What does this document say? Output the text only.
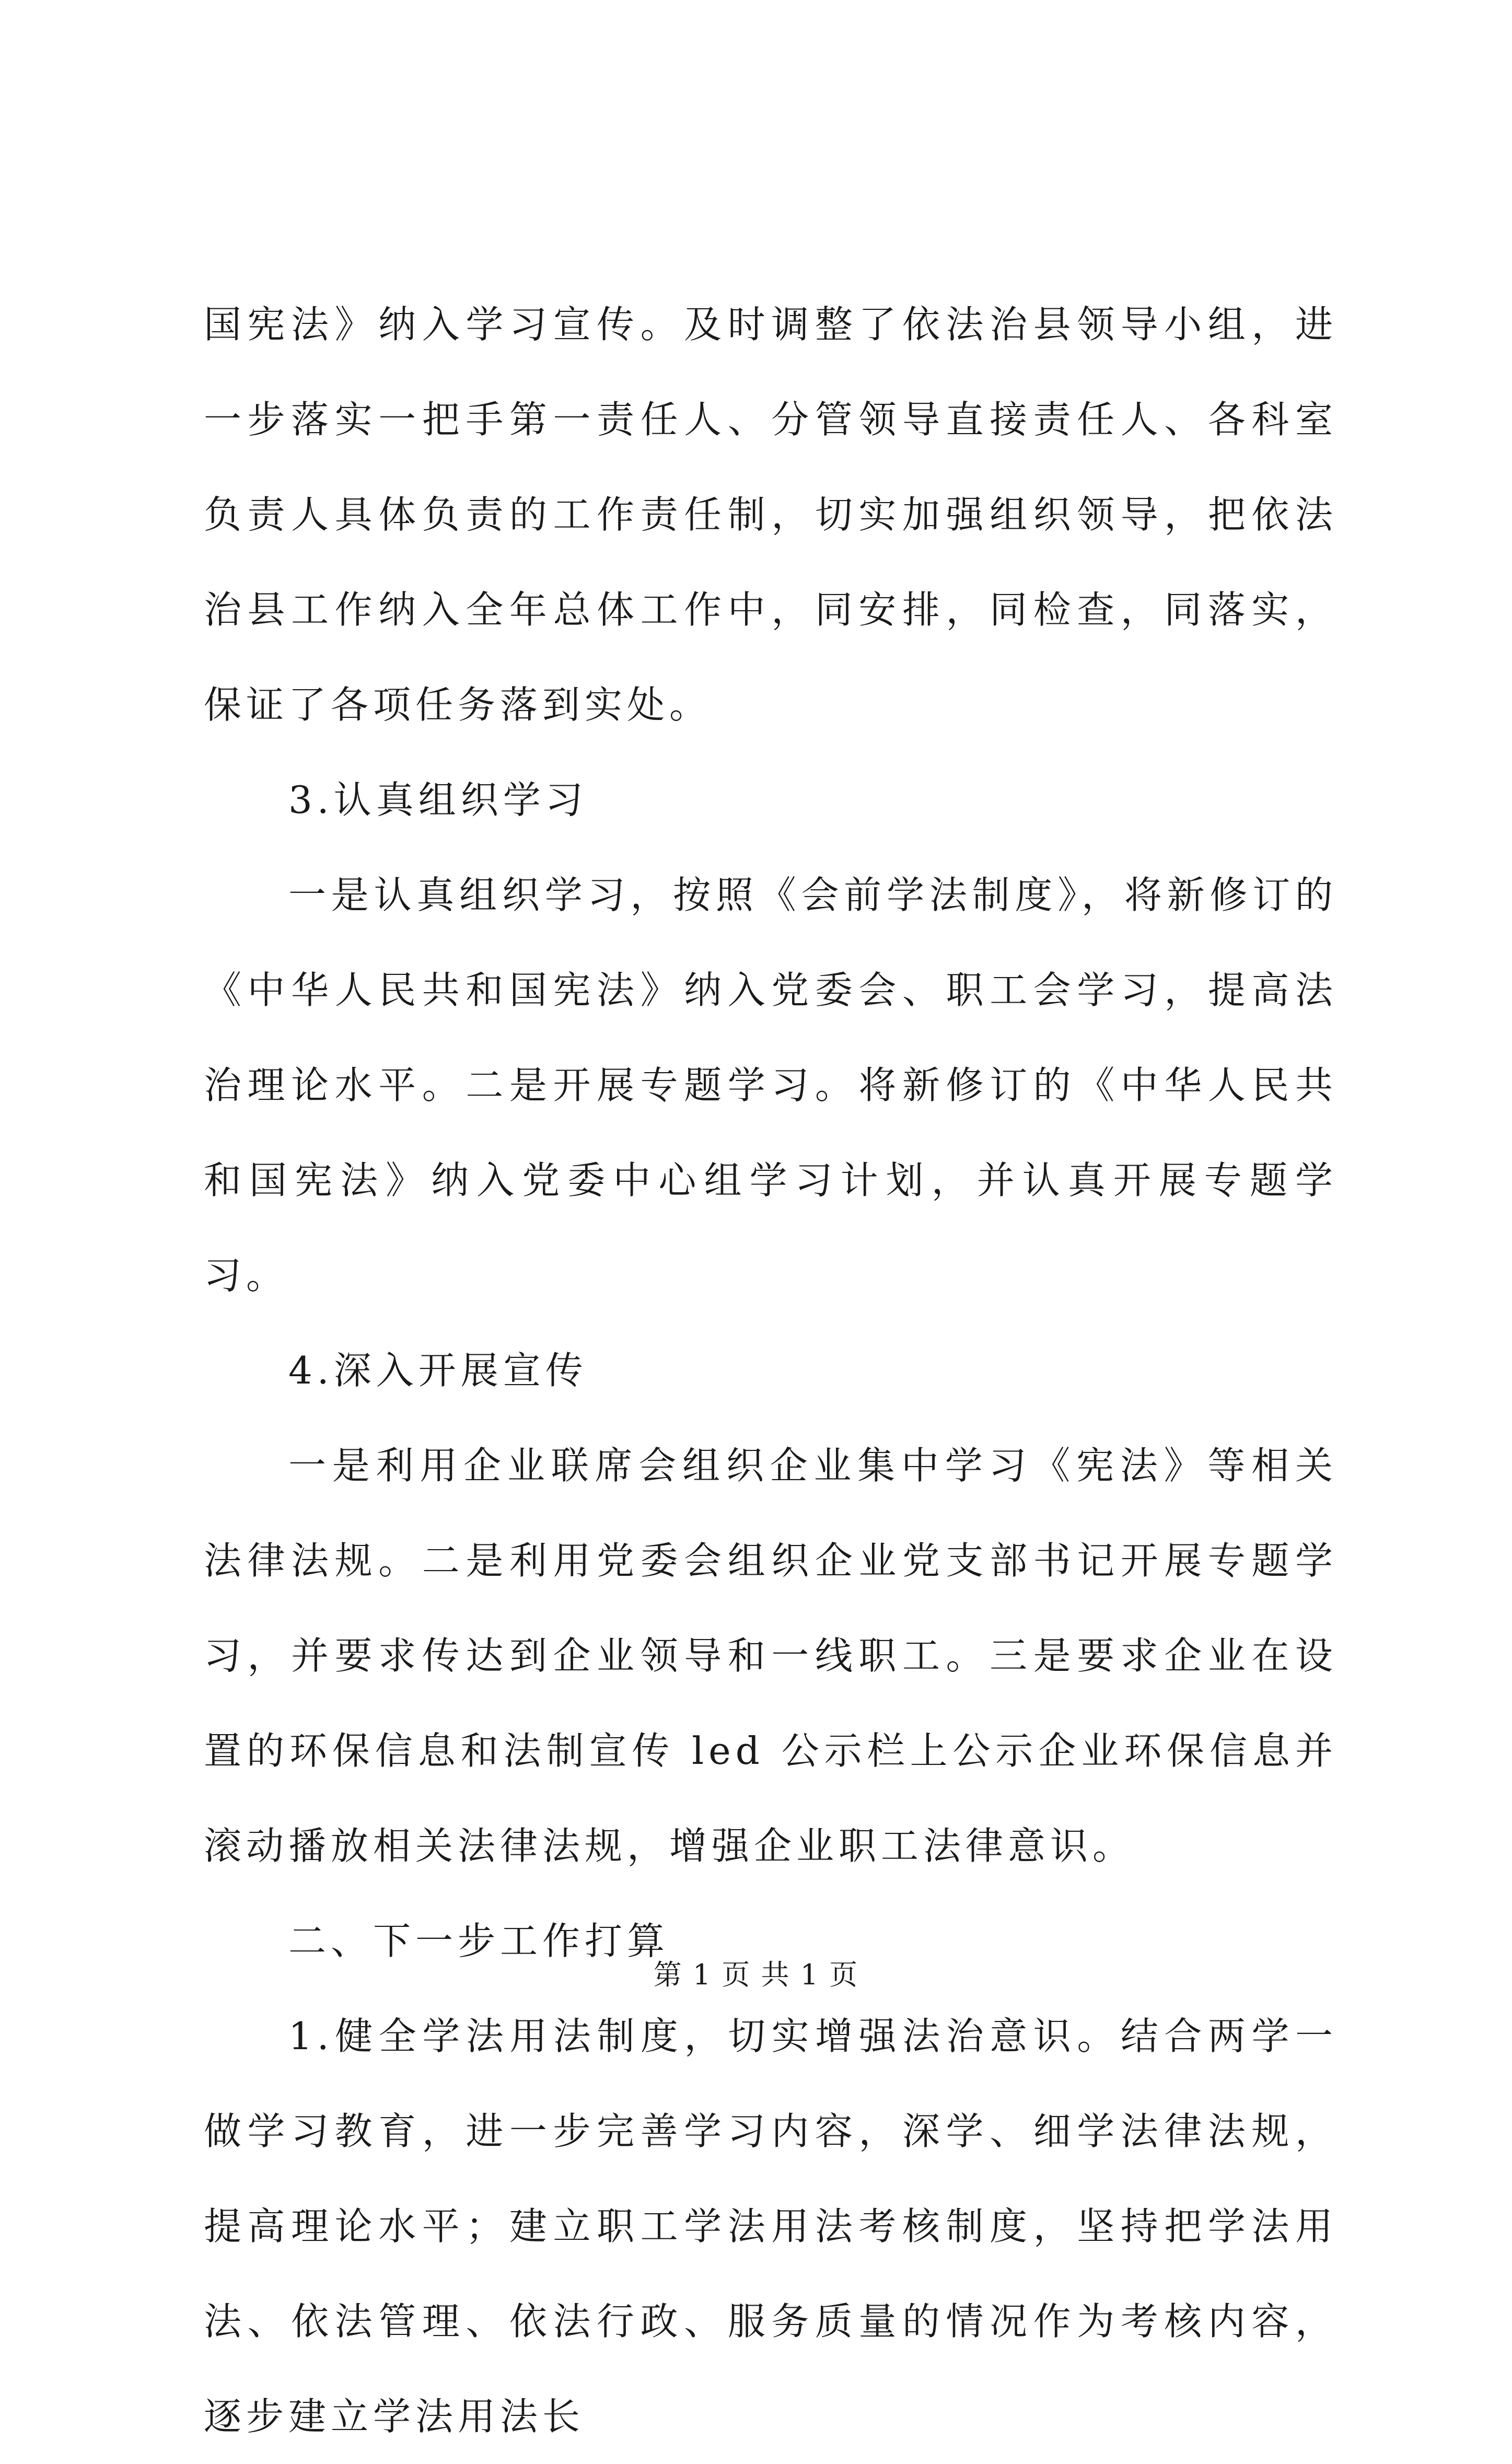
国宪法》纳入学习宣传。及时调整了依法治县领导小组，进一步落实一把手第一责任人、分管领导直接责任人、各科室负责人具体负责的工作责任制，切实加强组织领导，把依法治县工作纳入全年总体工作中，同安排，同检查，同落实，保证了各项任务落到实处。

3.认真组织学习

一是认真组织学习，按照《会前学法制度》，将新修订的《中华人民共和国宪法》纳入党委会、职工会学习，提高法治理论水平。二是开展专题学习。将新修订的《中华人民共和国宪法》纳入党委中心组学习计划，并认真开展专题学习。

4.深入开展宣传

一是利用企业联席会组织企业集中学习《宪法》等相关法律法规。二是利用党委会组织企业党支部书记开展专题学习，并要求传达到企业领导和一线职工。三是要求企业在设置的环保信息和法制宣传 led 公示栏上公示企业环保信息并滚动播放相关法律法规，增强企业职工法律意识。

二、下一步工作打算

1.健全学法用法制度，切实增强法治意识。结合两学一做学习教育，进一步完善学习内容，深学、细学法律法规，提高理论水平；建立职工学法用法考核制度，坚持把学法用法、依法管理、依法行政、服务质量的情况作为考核内容，逐步建立学法用法长

第 1 页 共 1 页
